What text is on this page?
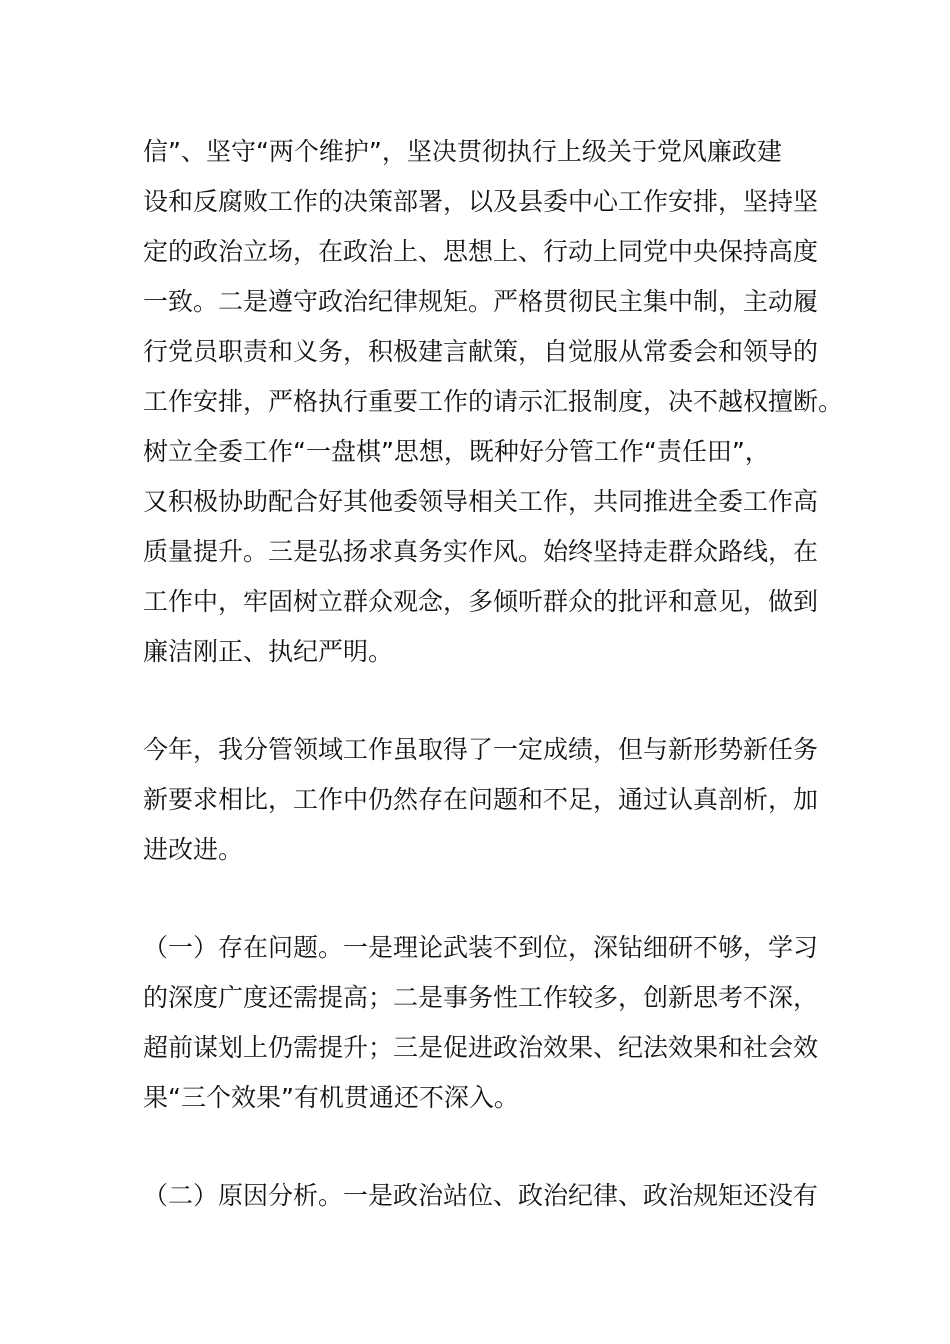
信”、坚守“两个维护”，坚决贯彻执行上级关于党风廉政建
设和反腐败工作的决策部署，以及县委中心工作安排，坚持坚
定的政治立场，在政治上、思想上、行动上同党中央保持高度
一致。二是遵守政治纪律规矩。严格贯彻民主集中制，主动履
行党员职责和义务，积极建言献策，自觉服从常委会和领导的
工作安排，严格执行重要工作的请示汇报制度，决不越权擅断。
树立全委工作“一盘棋”思想，既种好分管工作“责任田”，
又积极协助配合好其他委领导相关工作，共同推进全委工作高
质量提升。三是弘扬求真务实作风。始终坚持走群众路线，在
工作中，牢固树立群众观念，多倾听群众的批评和意见，做到
廉洁刚正、执纪严明。
今年，我分管领域工作虽取得了一定成绩，但与新形势新任务
新要求相比，工作中仍然存在问题和不足，通过认真剖析，加
进改进。
（一）存在问题。一是理论武装不到位，深钻细研不够，学习
的深度广度还需提高；二是事务性工作较多，创新思考不深，
超前谋划上仍需提升；三是促进政治效果、纪法效果和社会效
果“三个效果”有机贯通还不深入。
（二）原因分析。一是政治站位、政治纪律、政治规矩还没有
